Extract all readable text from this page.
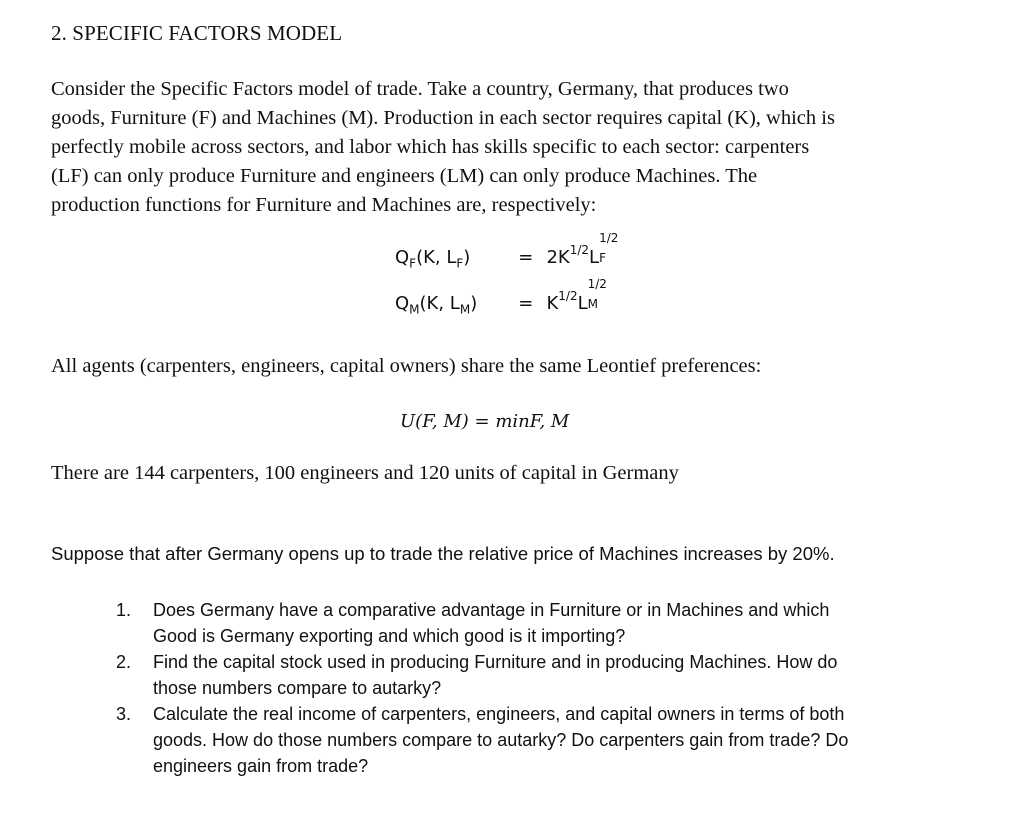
2. SPECIFIC FACTORS MODEL
Consider the Specific Factors model of trade. Take a country, Germany, that produces two
goods, Furniture (F) and Machines (M). Production in each sector requires capital (K), which is
perfectly mobile across sectors, and labor which has skills specific to each sector: carpenters
(LF) can only produce Furniture and engineers (LM) can only produce Machines. The
production functions for Furniture and Machines are, respectively:
$Q_F(K$, $L_F$)	= $2K^{1/2}L$
1/2
F
$Q_M(K$, $L_M) = K^{1/2}L$
1/2
M
All agents (carpenters, engineers, capital owners) share the same Leontief preferences:
U(F, M) = minF, M
There are 144 carpenters, 100 engineers and 120 units of capital in Germany
Suppose that after Germany opens up to trade the relative price of Machines increases by 20%.
1. Does Germany have a comparative advantage in Furniture or in Machines and which
Good is Germany exporting and which good is it importing?
2. Find the capital stock used in producing Furniture and in producing Machines. How do
those numbers compare to autarky?
3. Calculate the real income of carpenters, engineers, and capital owners in terms of both
goods. How do those numbers compare to autarky? Do carpenters gain from trade? Do
engineers gain from trade?
